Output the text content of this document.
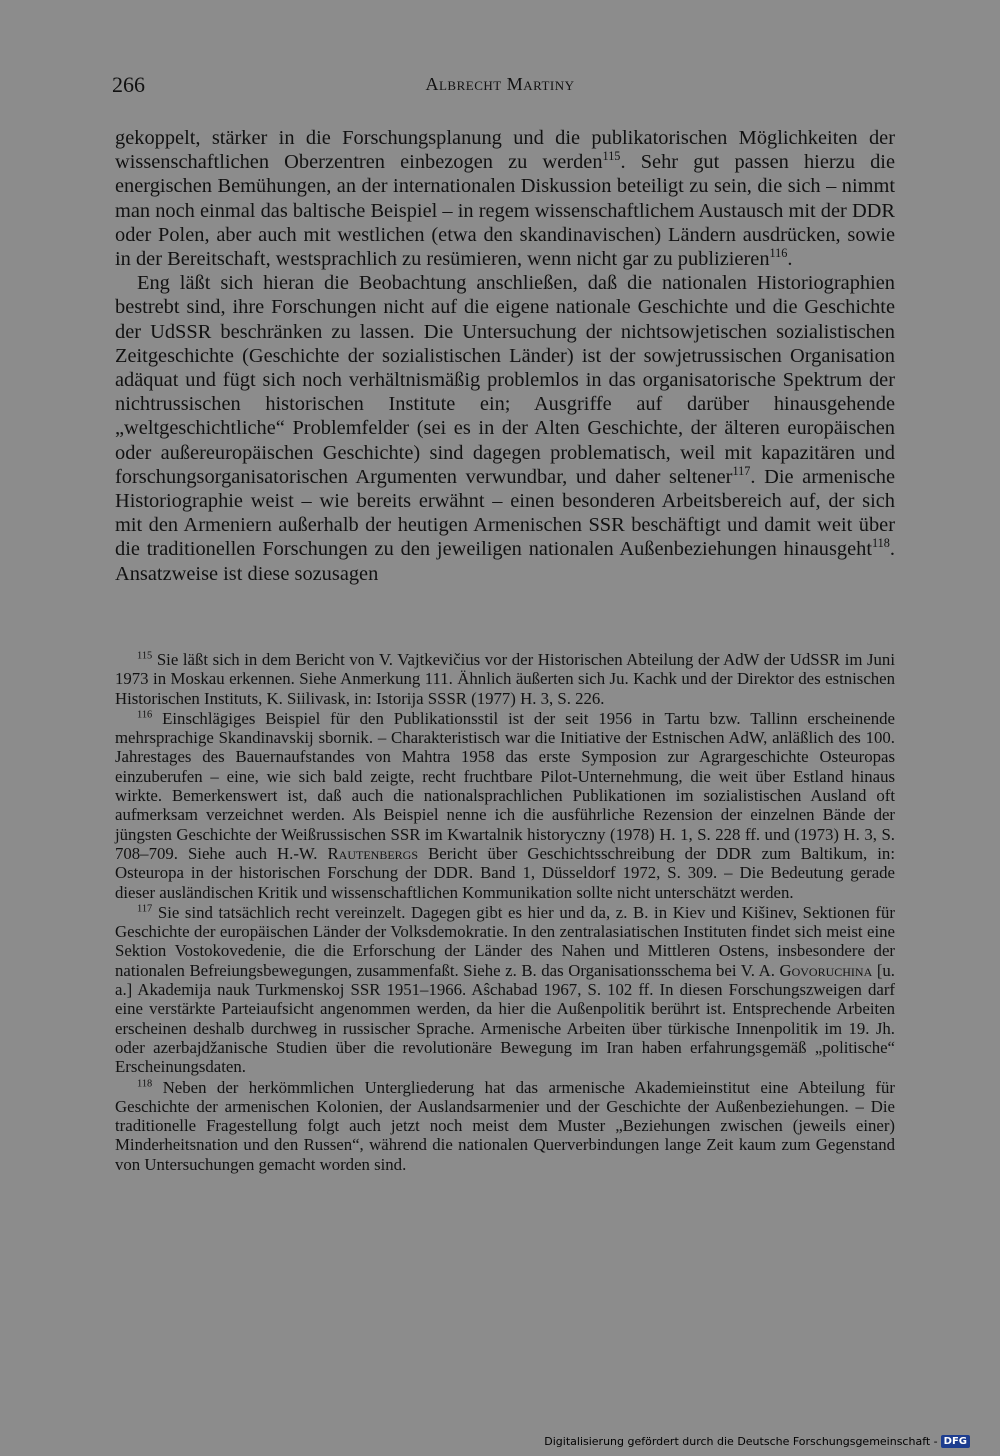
266	Albrecht Martiny

gekoppelt, stärker in die Forschungsplanung und die publikatorischen Möglichkeiten der wissenschaftlichen Oberzentren einbezogen zu werden$^{115}$. Sehr gut passen hierzu die energischen Bemühungen, an der internationalen Diskussion beteiligt zu sein, die sich – nimmt man noch einmal das baltische Beispiel – in regem wissenschaftlichem Austausch mit der DDR oder Polen, aber auch mit westlichen (etwa den skandinavischen) Ländern ausdrücken, sowie in der Bereitschaft, westsprachlich zu resümieren, wenn nicht gar zu publizieren$^{116}$.

Eng läßt sich hieran die Beobachtung anschließen, daß die nationalen Historiographien bestrebt sind, ihre Forschungen nicht auf die eigene nationale Geschichte und die Geschichte der UdSSR beschränken zu lassen. Die Untersuchung der nichtsowjetischen sozialistischen Zeitgeschichte (Geschichte der sozialistischen Länder) ist der sowjetrussischen Organisation adäquat und fügt sich noch verhältnismäßig problemlos in das organisatorische Spektrum der nichtrussischen historischen Institute ein; Ausgriffe auf darüber hinausgehende „weltgeschichtliche“ Problemfelder (sei es in der Alten Geschichte, der älteren europäischen oder außereuropäischen Geschichte) sind dagegen problematisch, weil mit kapazitären und forschungsorganisatorischen Argumenten verwundbar, und daher seltener$^{117}$. Die armenische Historiographie weist – wie bereits erwähnt – einen besonderen Arbeitsbereich auf, der sich mit den Armeniern außerhalb der heutigen Armenischen SSR beschäftigt und damit weit über die traditionellen Forschungen zu den jeweiligen nationalen Außenbeziehungen hinausgeht$^{118}$. Ansatzweise ist diese sozusagen

$^{115}$ Sie läßt sich in dem Bericht von V. Vajtkevičius vor der Historischen Abteilung der AdW der UdSSR im Juni 1973 in Moskau erkennen. Siehe Anmerkung 111. Ähnlich äußerten sich Ju. Kachk und der Direktor des estnischen Historischen Instituts, K. Siilivask, in: Istorija SSSR (1977) H. 3, S. 226.

$^{116}$ Einschlägiges Beispiel für den Publikationsstil ist der seit 1956 in Tartu bzw. Tallinn erscheinende mehrsprachige Skandinavskij sbornik. – Charakteristisch war die Initiative der Estnischen AdW, anläßlich des 100. Jahrestages des Bauernaufstandes von Mahtra 1958 das erste Symposion zur Agrargeschichte Osteuropas einzuberufen – eine, wie sich bald zeigte, recht fruchtbare Pilot-Unternehmung, die weit über Estland hinaus wirkte. Bemerkenswert ist, daß auch die nationalsprachlichen Publikationen im sozialistischen Ausland oft aufmerksam verzeichnet werden. Als Beispiel nenne ich die ausführliche Rezension der einzelnen Bände der jüngsten Geschichte der Weißrussischen SSR im Kwartalnik historyczny (1978) H. 1, S. 228 ff. und (1973) H. 3, S. 708–709. Siehe auch H.-W. Rautenbergs Bericht über Geschichtsschreibung der DDR zum Baltikum, in: Osteuropa in der historischen Forschung der DDR. Band 1, Düsseldorf 1972, S. 309. – Die Bedeutung gerade dieser ausländischen Kritik und wissenschaftlichen Kommunikation sollte nicht unterschätzt werden.

$^{117}$ Sie sind tatsächlich recht vereinzelt. Dagegen gibt es hier und da, z. B. in Kiev und Kišinev, Sektionen für Geschichte der europäischen Länder der Volksdemokratie. In den zentralasiatischen Instituten findet sich meist eine Sektion Vostokovedenie, die die Erforschung der Länder des Nahen und Mittleren Ostens, insbesondere der nationalen Befreiungsbewegungen, zusammenfaßt. Siehe z. B. das Organisationsschema bei V. A. Govoruchina [u. a.] Akademija nauk Turkmenskoj SSR 1951–1966. Aŝchabad 1967, S. 102 ff. In diesen Forschungszweigen darf eine verstärkte Parteiaufsicht angenommen werden, da hier die Außenpolitik berührt ist. Entsprechende Arbeiten erscheinen deshalb durchweg in russischer Sprache. Armenische Arbeiten über türkische Innenpolitik im 19. Jh. oder azerbajdžanische Studien über die revolutionäre Bewegung im Iran haben erfahrungsgemäß „politische“ Erscheinungsdaten.

$^{118}$ Neben der herkömmlichen Untergliederung hat das armenische Akademieinstitut eine Abteilung für Geschichte der armenischen Kolonien, der Auslandsarmenier und der Geschichte der Außenbeziehungen. – Die traditionelle Fragestellung folgt auch jetzt noch meist dem Muster „Beziehungen zwischen (jeweils einer) Minderheitsnation und den Russen“, während die nationalen Querverbindungen lange Zeit kaum zum Gegenstand von Untersuchungen gemacht worden sind.

Digitalisierung gefördert durch die Deutsche Forschungsgemeinschaft - DFG
